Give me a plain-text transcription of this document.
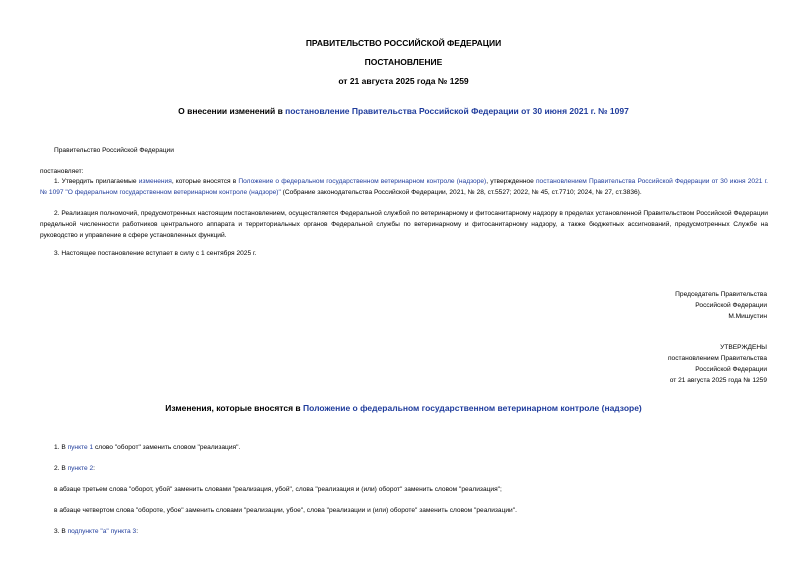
ПРАВИТЕЛЬСТВО РОССИЙСКОЙ ФЕДЕРАЦИИ
ПОСТАНОВЛЕНИЕ
от 21 августа 2025 года № 1259
О внесении изменений в постановление Правительства Российской Федерации от 30 июня 2021 г. № 1097
Правительство Российской Федерации
постановляет:
1. Утвердить прилагаемые изменения, которые вносятся в Положение о федеральном государственном ветеринарном контроле (надзоре), утвержденное постановлением Правительства Российской Федерации от 30 июня 2021 г. № 1097 "О федеральном государственном ветеринарном контроле (надзоре)" (Собрание законодательства Российской Федерации, 2021, № 28, ст.5527; 2022, № 45, ст.7710; 2024, № 27, ст.3836).
2. Реализация полномочий, предусмотренных настоящим постановлением, осуществляется Федеральной службой по ветеринарному и фитосанитарному надзору в пределах установленной Правительством Российской Федерации предельной численности работников центрального аппарата и территориальных органов Федеральной службы по ветеринарному и фитосанитарному надзору, а также бюджетных ассигнований, предусмотренных Службе на руководство и управление в сфере установленных функций.
3. Настоящее постановление вступает в силу с 1 сентября 2025 г.
Председатель Правительства
Российской Федерации
М.Мишустин
УТВЕРЖДЕНЫ
постановлением Правительства
Российской Федерации
от 21 августа 2025 года № 1259
Изменения, которые вносятся в Положение о федеральном государственном ветеринарном контроле (надзоре)
1. В пункте 1 слово "оборот" заменить словом "реализация".
2. В пункте 2:
в абзаце третьем слова "оборот, убой" заменить словами "реализация, убой", слова "реализация и (или) оборот" заменить словом "реализация";
в абзаце четвертом слова "обороте, убое" заменить словами "реализации, убое", слова "реализации и (или) обороте" заменить словом "реализации".
3. В подпункте "а" пункта 3:
